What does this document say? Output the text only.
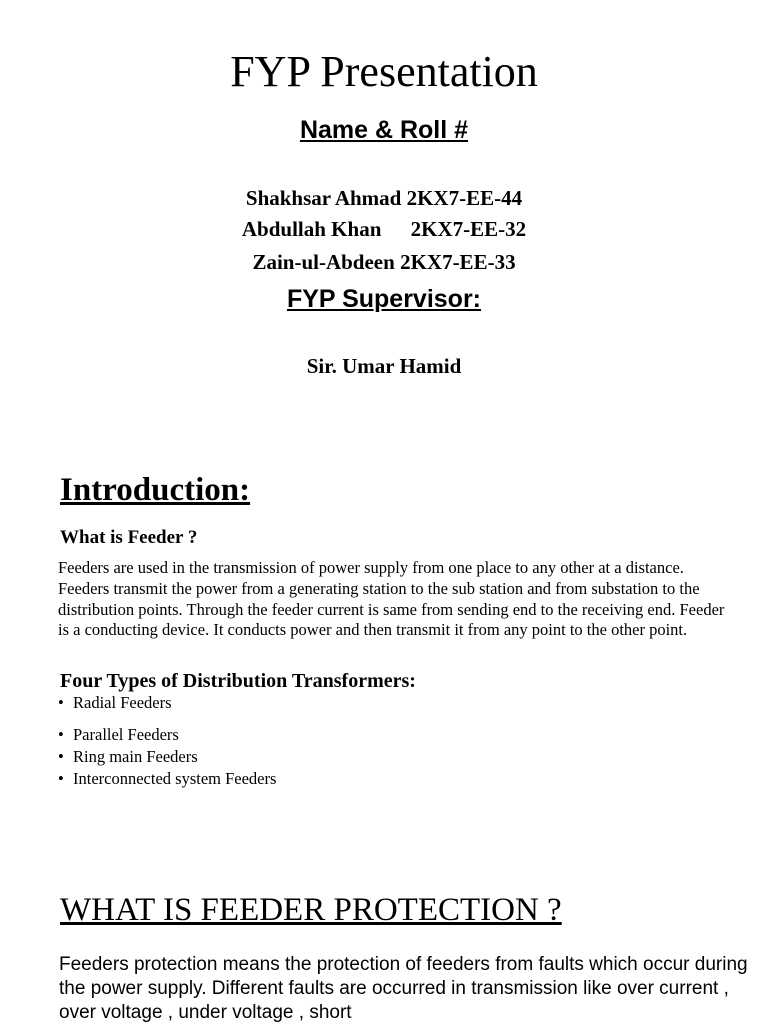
FYP Presentation
Name & Roll #
Shakhsar Ahmad 2KX7-EE-44
Abdullah Khan 2KX7-EE-32
Zain-ul-Abdeen 2KX7-EE-33
FYP Supervisor:
Sir. Umar Hamid
Introduction:
What is Feeder ?
Feeders are used in the transmission of power supply from one place to any other at a distance. Feeders transmit the power from a generating station to the sub station and from substation to the distribution points. Through the feeder current is same from sending end to the receiving end. Feeder is a conducting device. It conducts power and then transmit it from any point to the other point.
Four Types of Distribution Transformers:
• Radial Feeders
• Parallel Feeders
• Ring main Feeders
• Interconnected system Feeders
WHAT IS FEEDER PROTECTION ?
Feeders protection means the protection of feeders from faults which occur during the power supply. Different faults are occurred in transmission like over current , over voltage , under voltage , short
